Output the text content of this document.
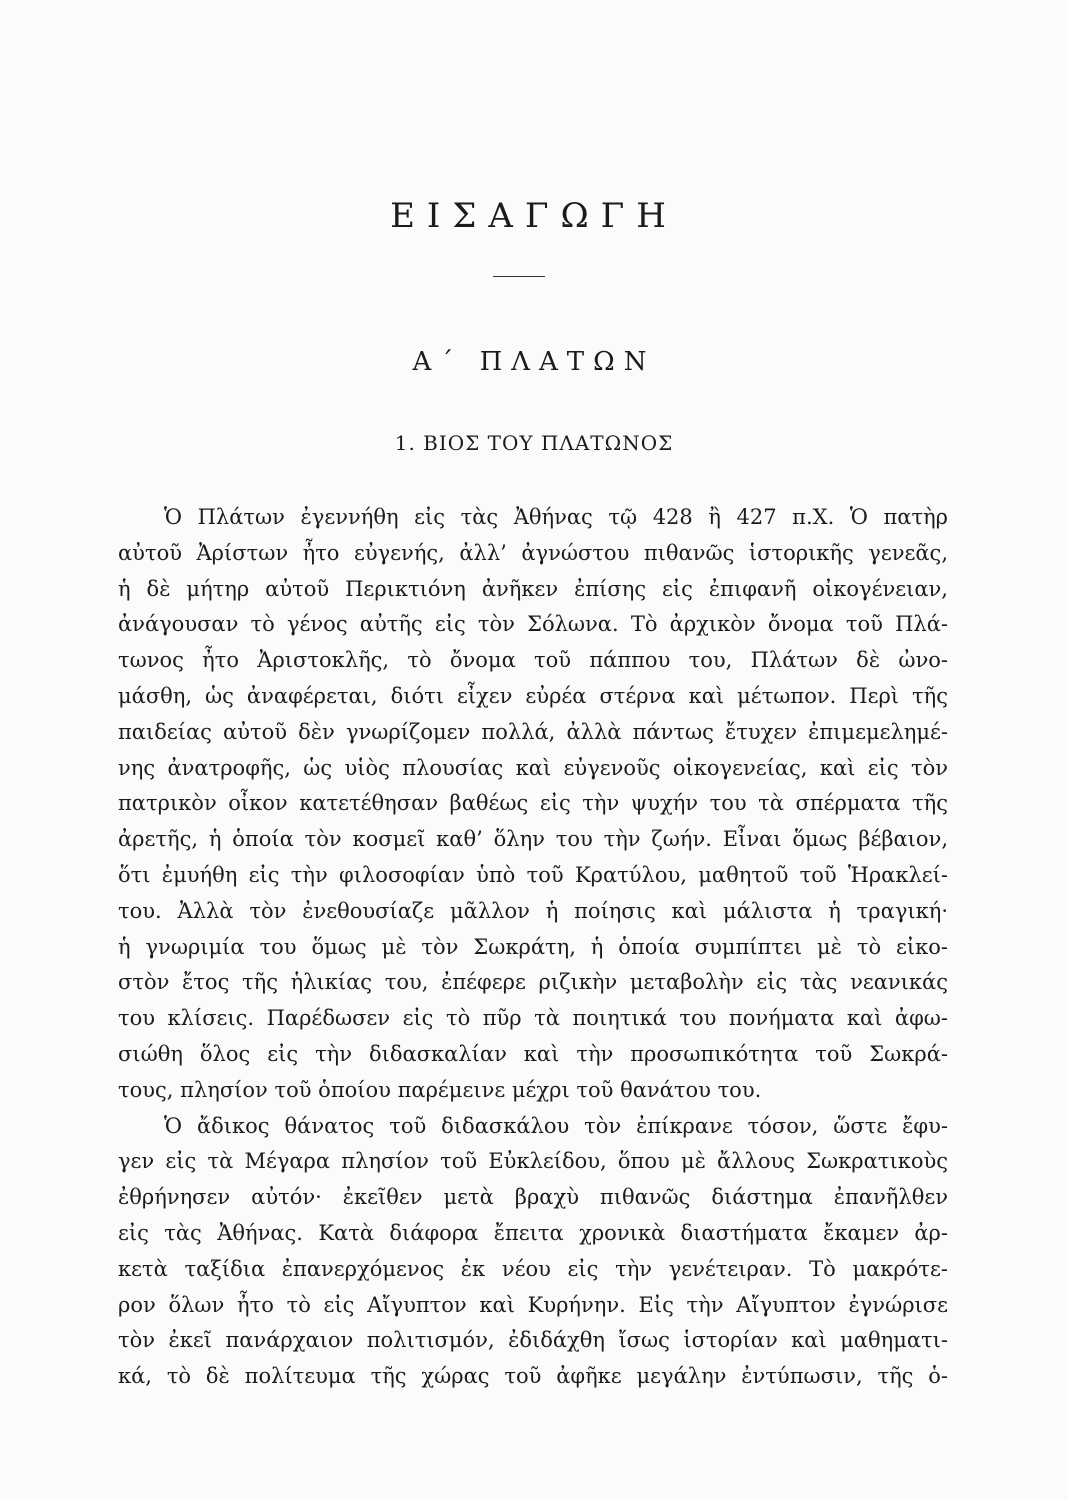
ΕΙΣΑΓΩΓΗ
Α΄ ΠΛΑΤΩΝ
1. ΒΙΟΣ ΤΟΥ ΠΛΑΤΩΝΟΣ
Ὁ Πλάτων ἐγεννήθη εἰς τὰς Ἀθήνας τῷ 428 ἢ 427 π.Χ. Ὁ πατὴρ
αὐτοῦ Ἀρίστων ἦτο εὐγενής, ἀλλ’ ἀγνώστου πιθανῶς ἱστορικῆς γενεᾶς,
ἡ δὲ μήτηρ αὐτοῦ Περικτιόνη ἀνῆκεν ἐπίσης εἰς ἐπιφανῆ οἰκογένειαν,
ἀνάγουσαν τὸ γένος αὐτῆς εἰς τὸν Σόλωνα. Τὸ ἀρχικὸν ὄνομα τοῦ Πλά-
τωνος ἦτο Ἀριστοκλῆς, τὸ ὄνομα τοῦ πάππου του, Πλάτων δὲ ὠνο-
μάσθη, ὡς ἀναφέρεται, διότι εἶχεν εὐρέα στέρνα καὶ μέτωπον. Περὶ τῆς
παιδείας αὐτοῦ δὲν γνωρίζομεν πολλά, ἀλλὰ πάντως ἔτυχεν ἐπιμεμελημέ-
νης ἀνατροφῆς, ὡς υἱὸς πλουσίας καὶ εὐγενοῦς οἰκογενείας, καὶ εἰς τὸν
πατρικὸν οἶκον κατετέθησαν βαθέως εἰς τὴν ψυχήν του τὰ σπέρματα τῆς
ἀρετῆς, ἡ ὁποία τὸν κοσμεῖ καθ’ ὅλην του τὴν ζωήν. Εἶναι ὅμως βέβαιον,
ὅτι ἐμυήθη εἰς τὴν φιλοσοφίαν ὑπὸ τοῦ Κρατύλου, μαθητοῦ τοῦ Ἡρακλεί-
του. Ἀλλὰ τὸν ἐνεθουσίαζε μᾶλλον ἡ ποίησις καὶ μάλιστα ἡ τραγική·
ἡ γνωριμία του ὅμως μὲ τὸν Σωκράτη, ἡ ὁποία συμπίπτει μὲ τὸ εἰκο-
στὸν ἔτος τῆς ἡλικίας του, ἐπέφερε ριζικὴν μεταβολὴν εἰς τὰς νεανικάς
του κλίσεις. Παρέδωσεν εἰς τὸ πῦρ τὰ ποιητικά του πονήματα καὶ ἀφω-
σιώθη ὅλος εἰς τὴν διδασκαλίαν καὶ τὴν προσωπικότητα τοῦ Σωκρά-
τους, πλησίον τοῦ ὁποίου παρέμεινε μέχρι τοῦ θανάτου του.
Ὁ ἄδικος θάνατος τοῦ διδασκάλου τὸν ἐπίκρανε τόσον, ὥστε ἔφυ-
γεν εἰς τὰ Μέγαρα πλησίον τοῦ Εὐκλείδου, ὅπου μὲ ἄλλους Σωκρατικοὺς
ἐθρήνησεν αὐτόν· ἐκεῖθεν μετὰ βραχὺ πιθανῶς διάστημα ἐπανῆλθεν
εἰς τὰς Ἀθήνας. Κατὰ διάφορα ἔπειτα χρονικὰ διαστήματα ἔκαμεν ἀρ-
κετὰ ταξίδια ἐπανερχόμενος ἐκ νέου εἰς τὴν γενέτειραν. Τὸ μακρότε-
ρον ὅλων ἦτο τὸ εἰς Αἴγυπτον καὶ Κυρήνην. Εἰς τὴν Αἴγυπτον ἐγνώρισε
τὸν ἐκεῖ πανάρχαιον πολιτισμόν, ἐδιδάχθη ἴσως ἱστορίαν καὶ μαθηματι-
κά, τὸ δὲ πολίτευμα τῆς χώρας τοῦ ἀφῆκε μεγάλην ἐντύπωσιν, τῆς ὁ-
